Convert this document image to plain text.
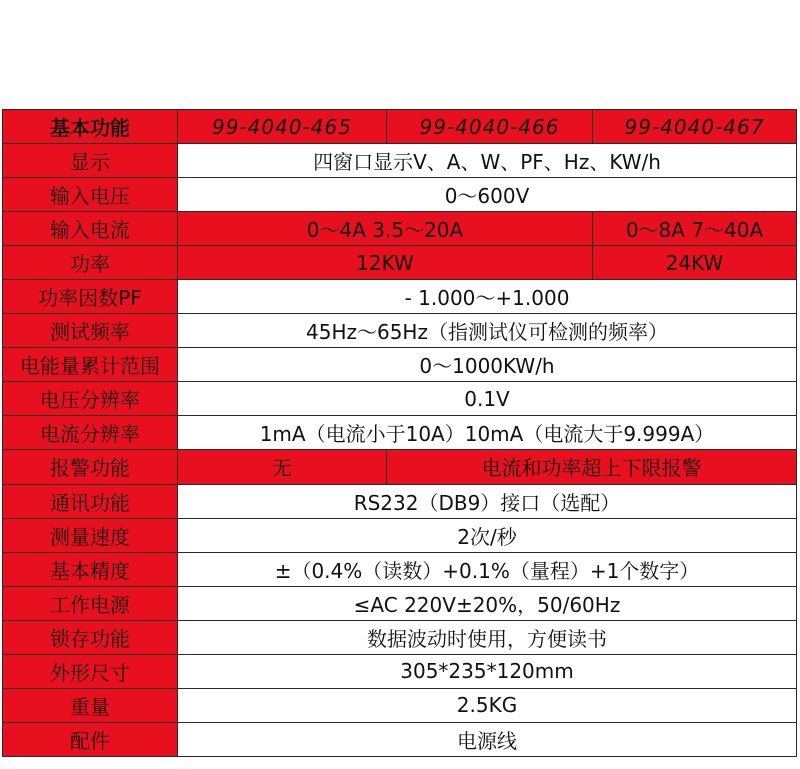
基本功能	99-4040-465	99-4040-466	99-4040-467
显示	四窗口显示V、A、W、PF、Hz、KW/h		
输入电压	0～600V		
输入电流	0～4A 3.5～20A		0～8A 7～40A
功率	12KW		24KW
功率因数PF	- 1.000～+1.000		
测试频率	45Hz～65Hz（指测试仪可检测的频率）		
电能量累计范围	0～1000KW/h		
电压分辨率	0.1V		
电流分辨率	1mA（电流小于10A）10mA（电流大于9.999A）		
报警功能	无	电流和功率超上下限报警	
通讯功能	RS232（DB9）接口（选配）		
测量速度	2次/秒		
基本精度	±（0.4%（读数）+0.1%（量程）+1个数字）		
工作电源	≤AC 220V±20%，50/60Hz		
锁存功能	数据波动时使用，方便读书		
外形尺寸	305*235*120mm		
重量	2.5KG		
配件	电源线		
